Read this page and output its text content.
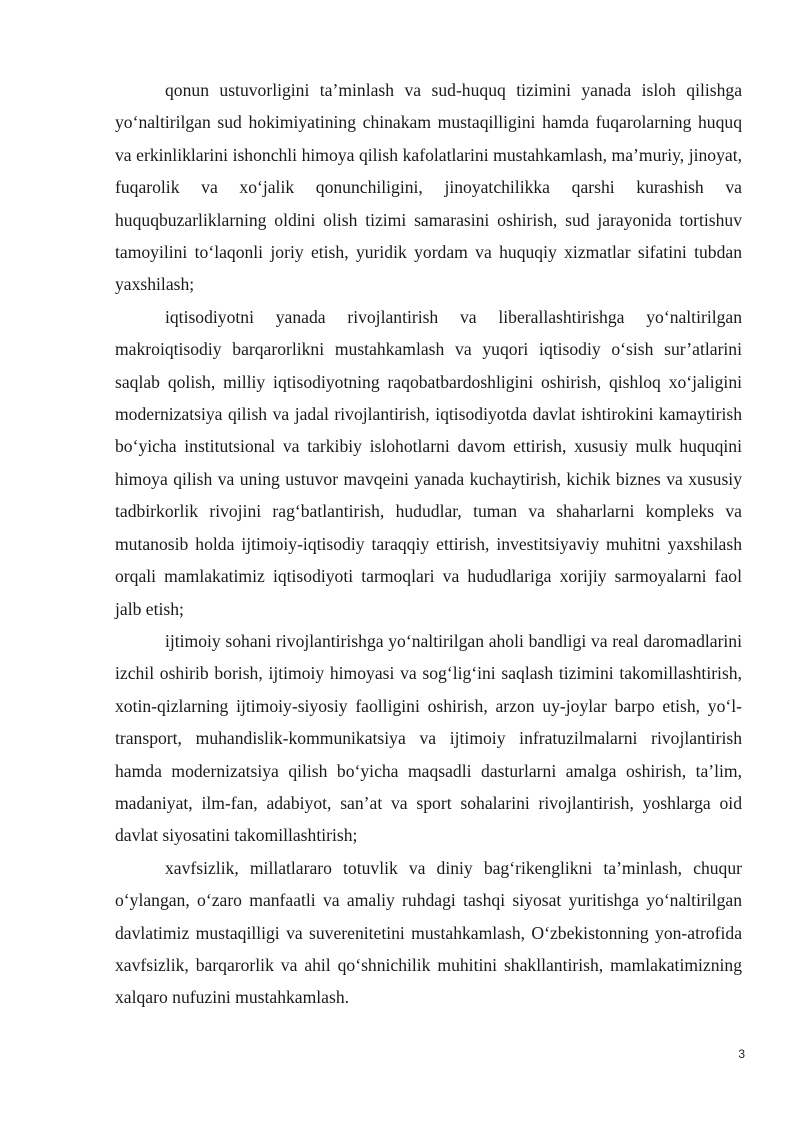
qonun ustuvorligini ta’minlash va sud-huquq tizimini yanada isloh qilishga yo‘naltirilgan sud hokimiyatining chinakam mustaqilligini hamda fuqarolarning huquq va erkinliklarini ishonchli himoya qilish kafolatlarini mustahkamlash, ma’muriy, jinoyat, fuqarolik va xo‘jalik qonunchiligini, jinoyatchilikka qarshi kurashish va huquqbuzarliklarning oldini olish tizimi samarasini oshirish, sud jarayonida tortishuv tamoyilini to‘laqonli joriy etish, yuridik yordam va huquqiy xizmatlar sifatini tubdan yaxshilash;

iqtisodiyotni yanada rivojlantirish va liberallashtirishga yo‘naltirilgan makroiqtisodiy barqarorlikni mustahkamlash va yuqori iqtisodiy o‘sish sur’atlarini saqlab qolish, milliy iqtisodiyotning raqobatbardoshligini oshirish, qishloq xo‘jaligini modernizatsiya qilish va jadal rivojlantirish, iqtisodiyotda davlat ishtirokini kamaytirish bo‘yicha institutsional va tarkibiy islohotlarni davom ettirish, xususiy mulk huquqini himoya qilish va uning ustuvor mavqeini yanada kuchaytirish, kichik biznes va xususiy tadbirkorlik rivojini rag‘batlantirish, hududlar, tuman va shaharlarni kompleks va mutanosib holda ijtimoiy-iqtisodiy taraqqiy ettirish, investitsiyaviy muhitni yaxshilash orqali mamlakatimiz iqtisodiyoti tarmoqlari va hududlariga xorijiy sarmoyalarni faol jalb etish;

ijtimoiy sohani rivojlantirishga yo‘naltirilgan aholi bandligi va real daromadlarini izchil oshirib borish, ijtimoiy himoyasi va sog‘lig‘ini saqlash tizimini takomillashtirish, xotin-qizlarning ijtimoiy-siyosiy faolligini oshirish, arzon uy-joylar barpo etish, yo‘l-transport, muhandislik-kommunikatsiya va ijtimoiy infratuzilmalarni rivojlantirish hamda modernizatsiya qilish bo‘yicha maqsadli dasturlarni amalga oshirish, ta’lim, madaniyat, ilm-fan, adabiyot, san’at va sport sohalarini rivojlantirish, yoshlarga oid davlat siyosatini takomillashtirish;

xavfsizlik, millatlararo totuvlik va diniy bag‘rikenglikni ta’minlash, chuqur o‘ylangan, o‘zaro manfaatli va amaliy ruhdagi tashqi siyosat yuritishga yo‘naltirilgan davlatimiz mustaqilligi va suverenitetini mustahkamlash, O‘zbekistonning yon-atrofida xavfsizlik, barqarorlik va ahil qo‘shnichilik muhitini shakllantirish, mamlakatimizning xalqaro nufuzini mustahkamlash.

3
